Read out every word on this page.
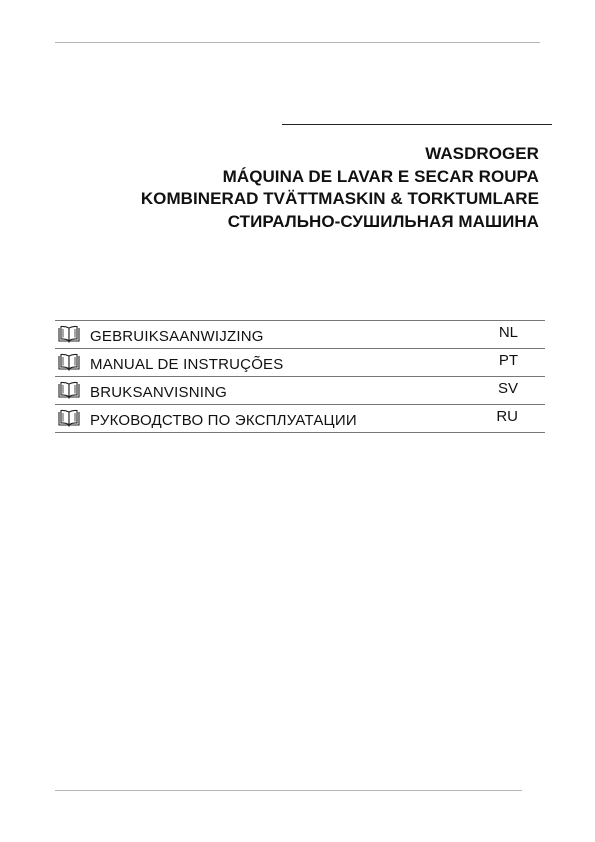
WASDROGER
MÁQUINA DE LAVAR E SECAR ROUPA
KOMBINERAD TVÄTTMASKIN & TORKTUMLARE
СТИРАЛЬНО-СУШИЛЬНАЯ МАШИНА
GEBRUIKSAANWIJZING	NL
MANUAL DE INSTRUÇÕES	PT
BRUKSANVISNING	SV
РУКОВОДСТВО ПО ЭКСПЛУАТАЦИИ	RU
